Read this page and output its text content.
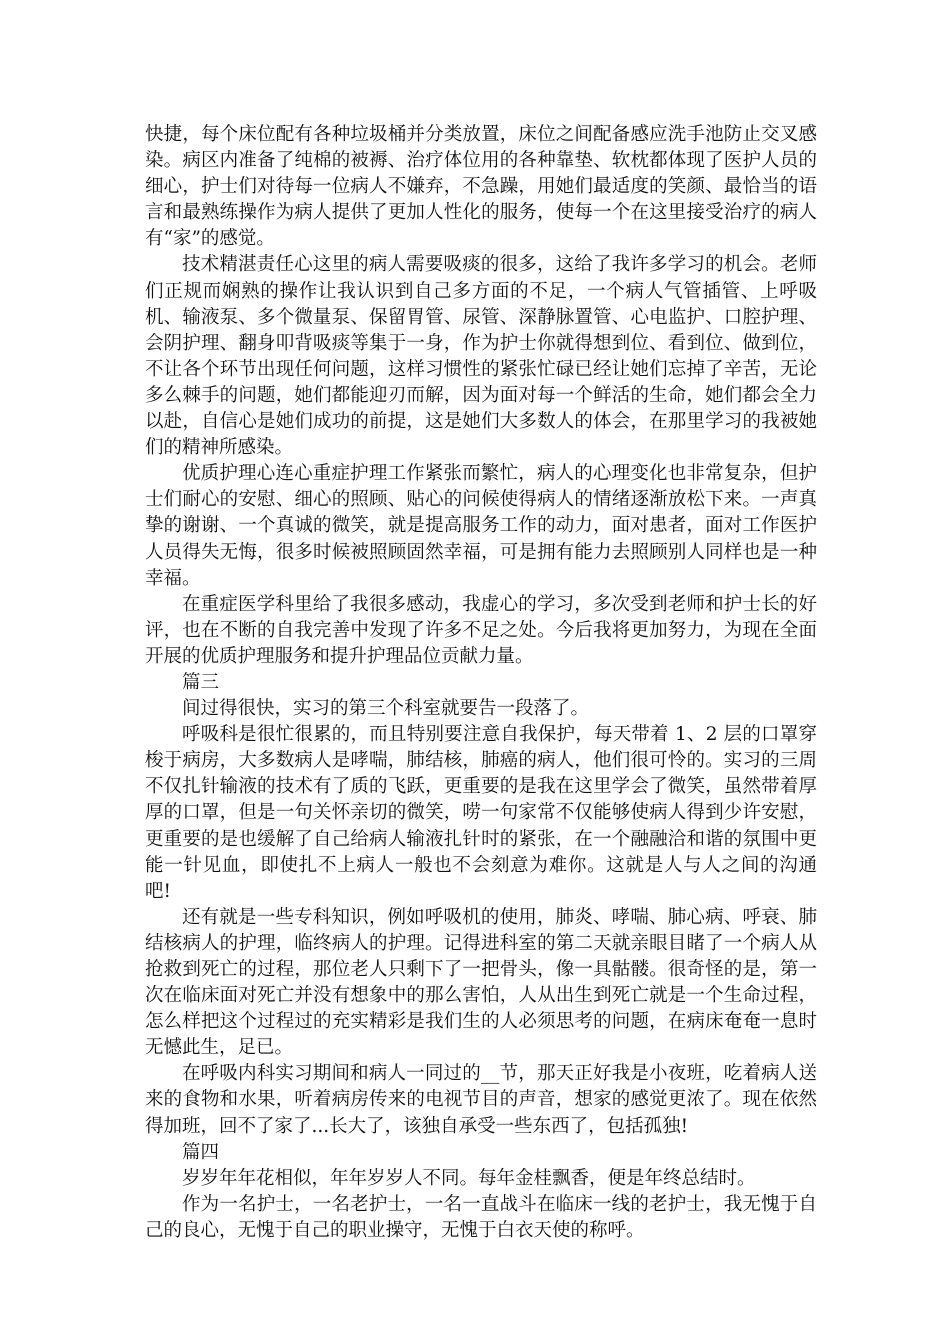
快捷，每个床位配有各种垃圾桶并分类放置，床位之间配备感应洗手池防止交叉感染。病区内准备了纯棉的被褥、治疗体位用的各种靠垫、软枕都体现了医护人员的细心，护士们对待每一位病人不嫌弃，不急躁，用她们最适度的笑颜、最恰当的语言和最熟练操作为病人提供了更加人性化的服务，使每一个在这里接受治疗的病人有“家”的感觉。

技术精湛责任心这里的病人需要吸痰的很多，这给了我许多学习的机会。老师们正规而娴熟的操作让我认识到自己多方面的不足，一个病人气管插管、上呼吸机、输液泵、多个微量泵、保留胃管、尿管、深静脉置管、心电监护、口腔护理、会阴护理、翻身叩背吸痰等集于一身，作为护士你就得想到位、看到位、做到位，不让各个环节出现任何问题，这样习惯性的紧张忙碌已经让她们忘掉了辛苦，无论多么棘手的问题，她们都能迎刃而解，因为面对每一个鲜活的生命，她们都会全力以赴，自信心是她们成功的前提，这是她们大多数人的体会，在那里学习的我被她们的精神所感染。

优质护理心连心重症护理工作紧张而繁忙，病人的心理变化也非常复杂，但护士们耐心的安慰、细心的照顾、贴心的问候使得病人的情绪逐渐放松下来。一声真挚的谢谢、一个真诚的微笑，就是提高服务工作的动力，面对患者，面对工作医护人员得失无悔，很多时候被照顾固然幸福，可是拥有能力去照顾别人同样也是一种幸福。

在重症医学科里给了我很多感动，我虚心的学习，多次受到老师和护士长的好评，也在不断的自我完善中发现了许多不足之处。今后我将更加努力，为现在全面开展的优质护理服务和提升护理品位贡献力量。

篇三

间过得很快，实习的第三个科室就要告一段落了。

呼吸科是很忙很累的，而且特别要注意自我保护，每天带着 1、2 层的口罩穿梭于病房，大多数病人是哮喘，肺结核，肺癌的病人，他们很可怜的。实习的三周不仅扎针输液的技术有了质的飞跃，更重要的是我在这里学会了微笑，虽然带着厚厚的口罩，但是一句关怀亲切的微笑，唠一句家常不仅能够使病人得到少许安慰，更重要的是也缓解了自己给病人输液扎针时的紧张，在一个融融洽和谐的氛围中更能一针见血，即使扎不上病人一般也不会刻意为难你。这就是人与人之间的沟通吧!

还有就是一些专科知识，例如呼吸机的使用，肺炎、哮喘、肺心病、呼衰、肺结核病人的护理，临终病人的护理。记得进科室的第二天就亲眼目睹了一个病人从抢救到死亡的过程，那位老人只剩下了一把骨头，像一具骷髅。很奇怪的是，第一次在临床面对死亡并没有想象中的那么害怕，人从出生到死亡就是一个生命过程，怎么样把这个过程过的充实精彩是我们生的人必须思考的问题，在病床奄奄一息时无憾此生，足已。

在呼吸内科实习期间和病人一同过的__节，那天正好我是小夜班，吃着病人送来的食物和水果，听着病房传来的电视节目的声音，想家的感觉更浓了。现在依然得加班，回不了家了...长大了，该独自承受一些东西了，包括孤独!

篇四

岁岁年年花相似，年年岁岁人不同。每年金桂飘香，便是年终总结时。

作为一名护士，一名老护士，一名一直战斗在临床一线的老护士，我无愧于自己的良心，无愧于自己的职业操守，无愧于白衣天使的称呼。
